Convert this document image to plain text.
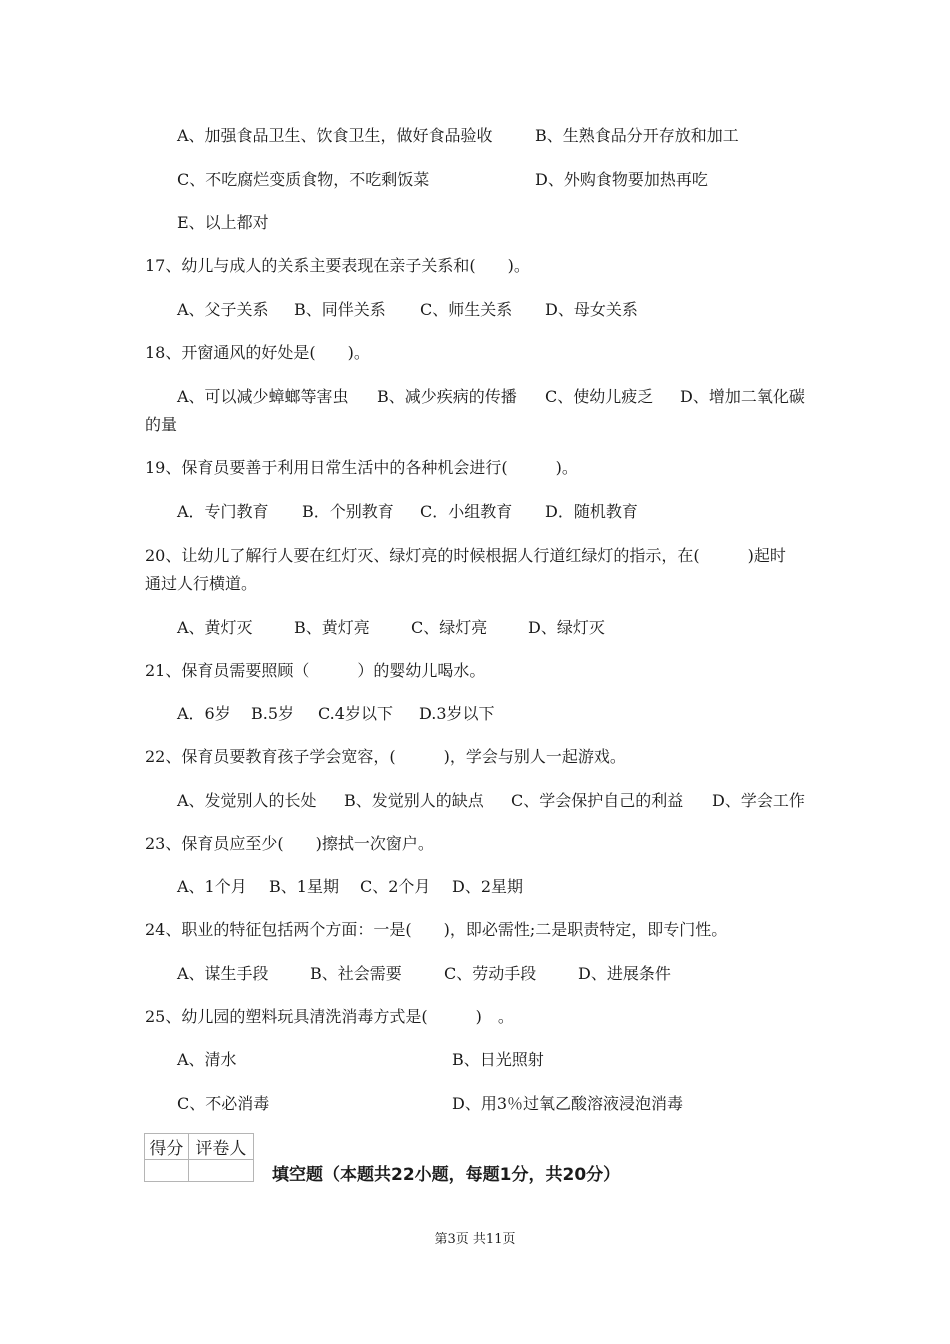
A、加强食品卫生、饮食卫生，做好食品验收	B、生熟食品分开存放和加工
C、不吃腐烂变质食物，不吃剩饭菜	D、外购食物要加热再吃
E、以上都对
17、幼儿与成人的关系主要表现在亲子关系和(　　)。
A、父子关系 B、同伴关系 C、师生关系 D、母女关系
18、开窗通风的好处是(　　)。
A、可以减少蟑螂等害虫 B、减少疾病的传播 C、使幼儿疲乏 D、增加二氧化碳
的量
19、保育员要善于利用日常生活中的各种机会进行(　　　)。
A．专门教育 B．个别教育 C．小组教育 D．随机教育
20、让幼儿了解行人要在红灯灭、绿灯亮的时候根据人行道红绿灯的指示，在(　　　)起时
通过人行横道。
A、黄灯灭	B、黄灯亮	C、绿灯亮	D、绿灯灭
21、保育员需要照顾（　　　）的婴幼儿喝水。
A．6岁 B.5岁 C.4岁以下 D.3岁以下
22、保育员要教育孩子学会宽容，(　　　)，学会与别人一起游戏。
A、发觉别人的长处 B、发觉别人的缺点 C、学会保护自己的利益 D、学会工作
23、保育员应至少(　　)擦拭一次窗户。
A、1个月 B、1星期 C、2个月 D、2星期
24、职业的特征包括两个方面：一是(　　)，即必需性;二是职责特定，即专门性。
A、谋生手段	B、社会需要	C、劳动手段	D、进展条件
25、幼儿园的塑料玩具清洗消毒方式是(　　　)　。
A、清水	B、日光照射
C、不必消毒	D、用3％过氧乙酸溶液浸泡消毒
得分	评卷人

填空题（本题共22小题，每题1分，共20分）
第3页 共11页
